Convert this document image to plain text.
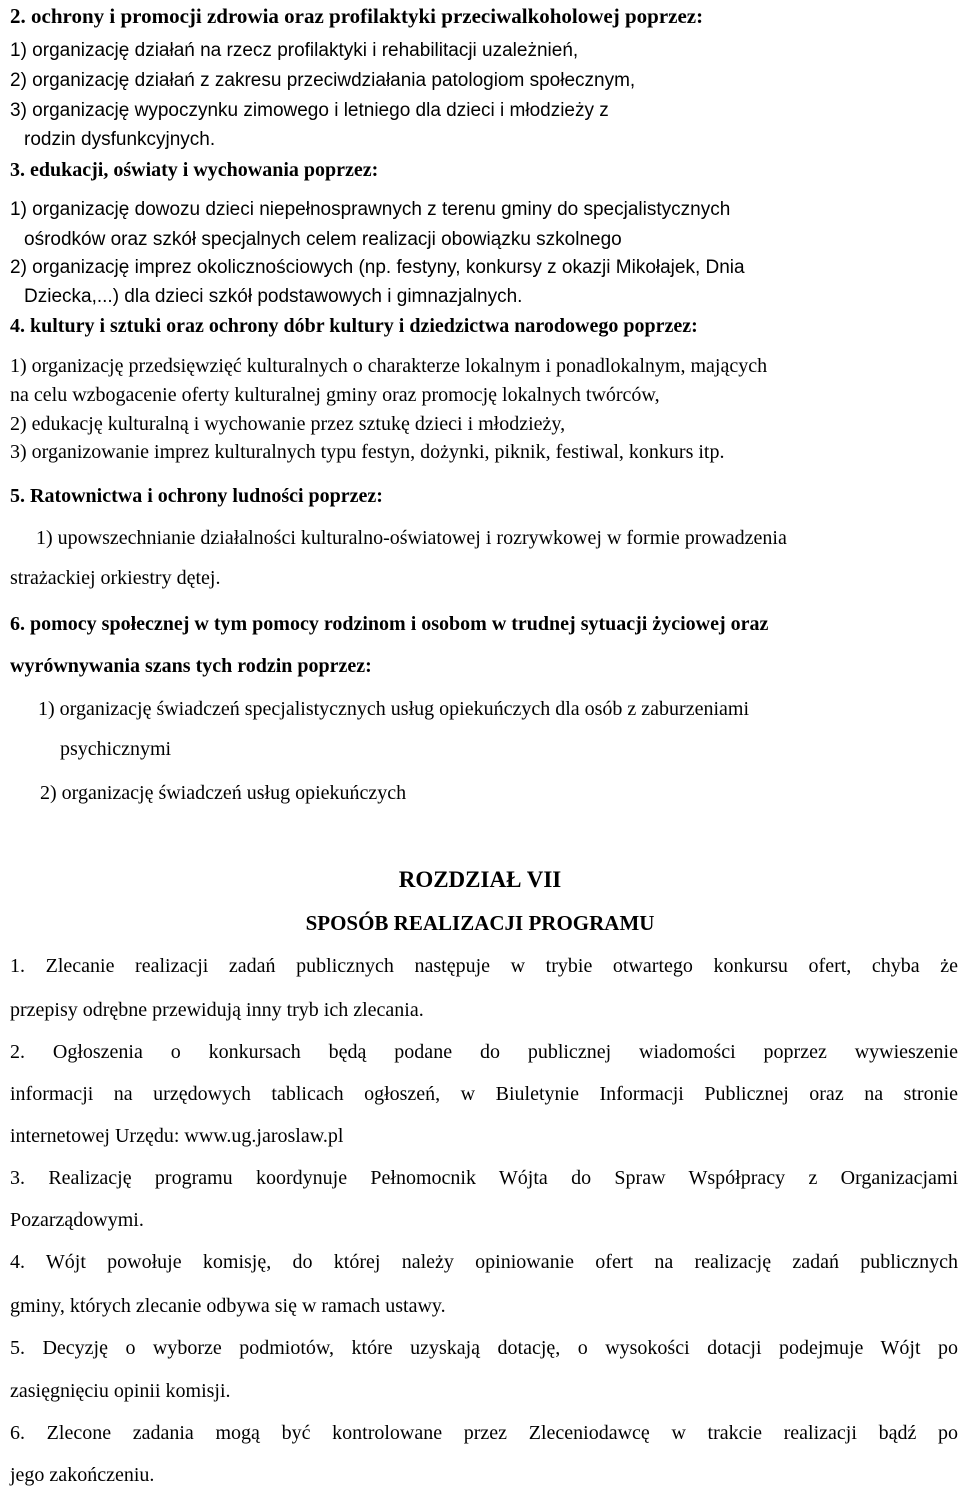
2. ochrony i promocji zdrowia oraz profilaktyki przeciwalkoholowej poprzez:
1) organizację działań na rzecz profilaktyki i rehabilitacji uzależnień,
2) organizację działań z zakresu przeciwdziałania patologiom społecznym,
3) organizację wypoczynku zimowego i letniego dla dzieci i młodzieży z
rodzin dysfunkcyjnych.
3. edukacji, oświaty i wychowania poprzez:
1) organizację dowozu dzieci niepełnosprawnych z terenu gminy do specjalistycznych
ośrodków oraz szkół specjalnych celem realizacji obowiązku szkolnego
2) organizację imprez okolicznościowych (np. festyny, konkursy z okazji Mikołajek, Dnia
Dziecka,...) dla dzieci szkół podstawowych i gimnazjalnych.
4. kultury i sztuki oraz ochrony dóbr kultury i dziedzictwa narodowego poprzez:
1) organizację przedsięwzięć kulturalnych o charakterze lokalnym i ponadlokalnym, mających
na celu wzbogacenie oferty kulturalnej gminy oraz promocję lokalnych twórców,
2) edukację kulturalną i wychowanie przez sztukę dzieci i młodzieży,
3) organizowanie imprez kulturalnych typu festyn, dożynki, piknik, festiwal, konkurs itp.
5. Ratownictwa i ochrony ludności poprzez:
1) upowszechnianie działalności kulturalno-oświatowej i rozrywkowej w formie prowadzenia
strażackiej orkiestry dętej.
6. pomocy społecznej w tym pomocy rodzinom i osobom w trudnej sytuacji życiowej oraz
wyrównywania szans tych rodzin poprzez:
1) organizację świadczeń specjalistycznych usług opiekuńczych dla osób z zaburzeniami
psychicznymi
2) organizację świadczeń usług opiekuńczych
ROZDZIAŁ VII
SPOSÓB REALIZACJI PROGRAMU
1. Zlecanie realizacji zadań publicznych następuje w trybie otwartego konkursu ofert, chyba że
przepisy odrębne przewidują inny tryb ich zlecania.
2. Ogłoszenia o konkursach będą podane do publicznej wiadomości poprzez wywieszenie
informacji na urzędowych tablicach ogłoszeń, w Biuletynie Informacji Publicznej oraz na stronie
internetowej Urzędu: www.ug.jaroslaw.pl
3. Realizację programu koordynuje Pełnomocnik Wójta do Spraw Współpracy z Organizacjami
Pozarządowymi.
4. Wójt powołuje komisję, do której należy opiniowanie ofert na realizację zadań publicznych
gminy, których zlecanie odbywa się w ramach ustawy.
5. Decyzję o wyborze podmiotów, które uzyskają dotację, o wysokości dotacji podejmuje Wójt po
zasięgnięciu opinii komisji.
6. Zlecone zadania mogą być kontrolowane przez Zleceniodawcę w trakcie realizacji bądź po
jego zakończeniu.
